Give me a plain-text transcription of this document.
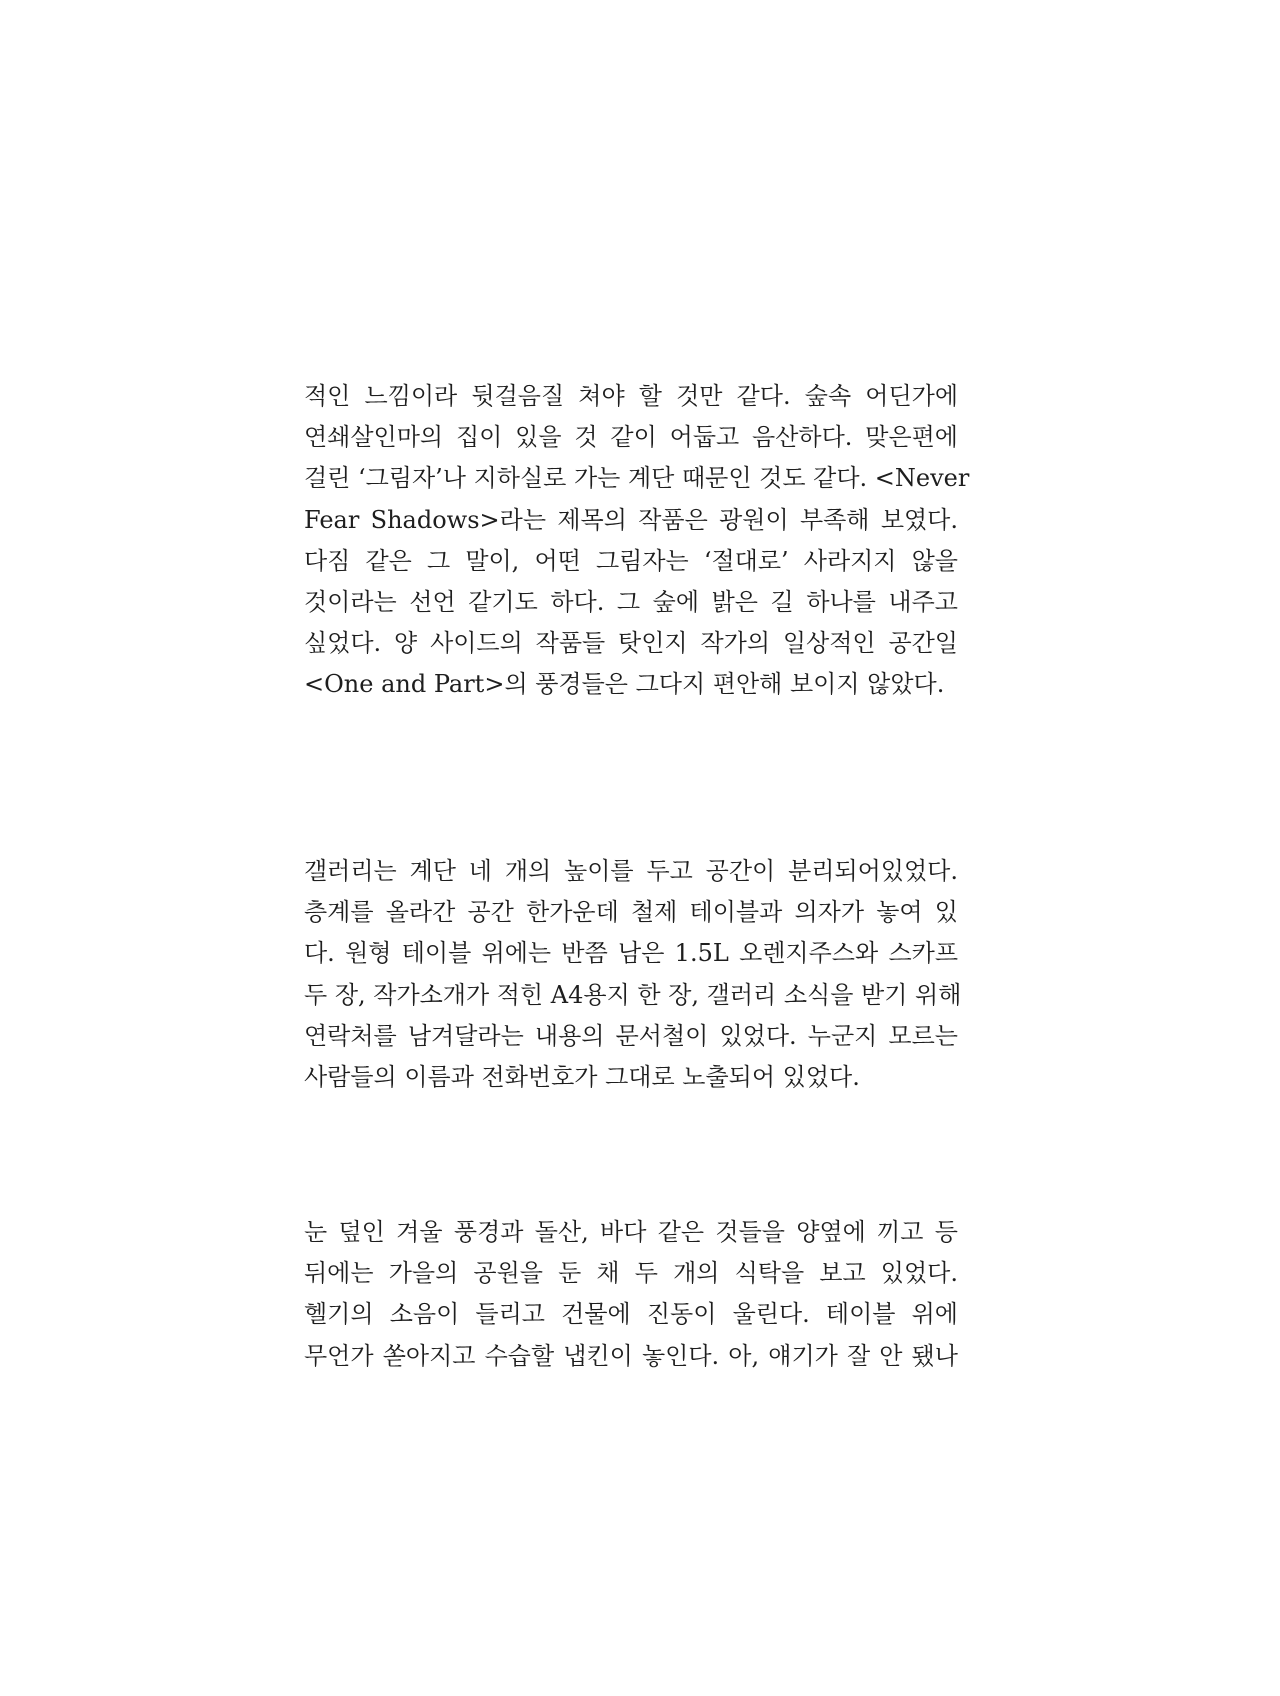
적인 느낌이라 뒷걸음질 쳐야 할 것만 같다. 숲속 어딘가에
연쇄살인마의 집이 있을 것 같이 어둡고 음산하다. 맞은편에
걸린 ‘그림자’나 지하실로 가는 계단 때문인 것도 같다. <Never
Fear Shadows>라는 제목의 작품은 광원이 부족해 보였다.
다짐 같은 그 말이, 어떤 그림자는 ‘절대로’ 사라지지 않을
것이라는 선언 같기도 하다. 그 숲에 밝은 길 하나를 내주고
싶었다. 양 사이드의 작품들 탓인지 작가의 일상적인 공간일
<One and Part>의 풍경들은 그다지 편안해 보이지 않았다.
갤러리는 계단 네 개의 높이를 두고 공간이 분리되어있었다.
층계를 올라간 공간 한가운데 철제 테이블과 의자가 놓여 있
다. 원형 테이블 위에는 반쯤 남은 1.5L 오렌지주스와 스카프
두 장, 작가소개가 적힌 A4용지 한 장, 갤러리 소식을 받기 위해
연락처를 남겨달라는 내용의 문서철이 있었다. 누군지 모르는
사람들의 이름과 전화번호가 그대로 노출되어 있었다.
눈 덮인 겨울 풍경과 돌산, 바다 같은 것들을 양옆에 끼고 등
뒤에는 가을의 공원을 둔 채 두 개의 식탁을 보고 있었다.
헬기의 소음이 들리고 건물에 진동이 울린다. 테이블 위에
무언가 쏟아지고 수습할 냅킨이 놓인다. 아, 얘기가 잘 안 됐나
